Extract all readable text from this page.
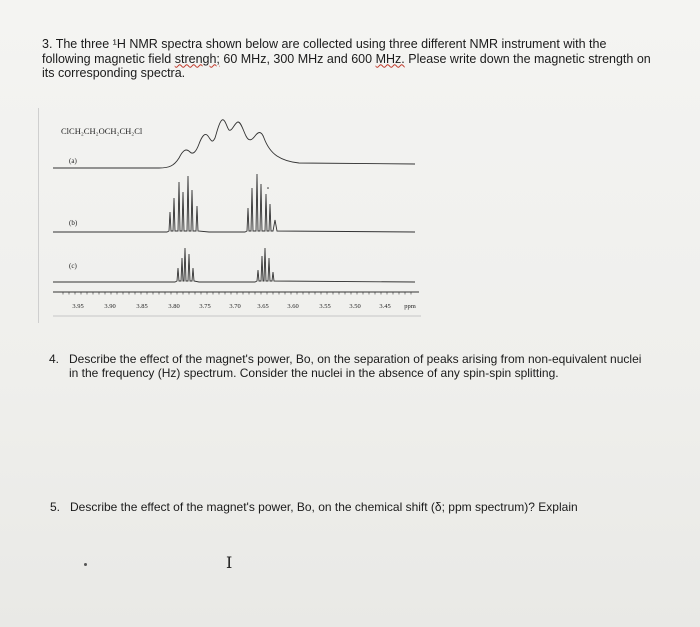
3. The three ¹H NMR spectra shown below are collected using three different NMR instrument with the following magnetic field strengh; 60 MHz, 300 MHz and 600 MHz. Please write down the magnetic strength on its corresponding spectra.
ClCH₂CH₂OCH₂CH₂Cl
(a)
(b)
(c)
3.95	3.90	3.85	3.80	3.75	3.70	3.65	3.60	3.55	3.50	3.45 ppm
4. Describe the effect of the magnet's power, Bo, on the separation of peaks arising from non-equivalent nuclei
in the frequency (Hz) spectrum. Consider the nuclei in the absence of any spin-spin splitting.
5. Describe the effect of the magnet's power, Bo, on the chemical shift (δ; ppm spectrum)? Explain
I
